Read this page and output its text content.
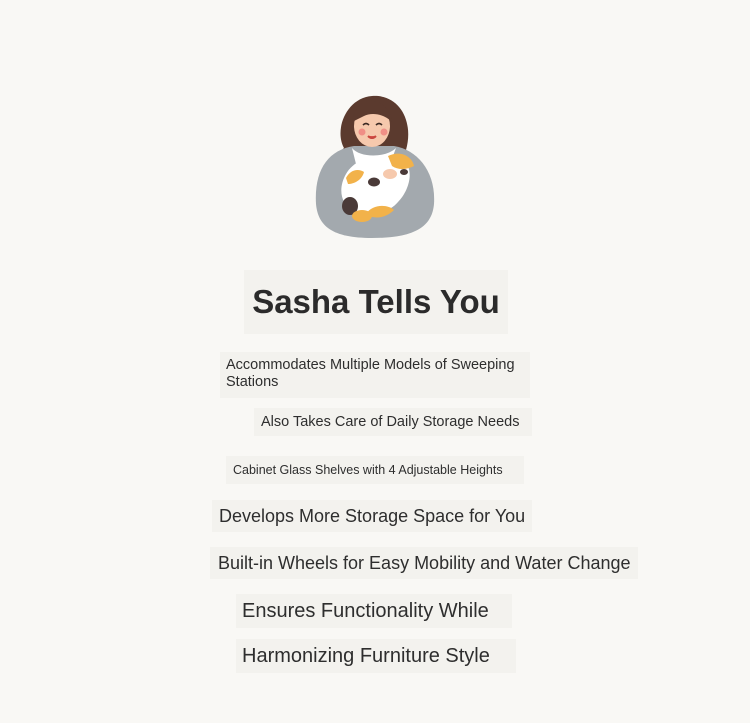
Sasha Tells You
Accommodates Multiple Models of Sweeping Stations
Also Takes Care of Daily Storage Needs
Cabinet Glass Shelves with 4 Adjustable Heights
Develops More Storage Space for You
Built-in Wheels for Easy Mobility and Water Change
Ensures Functionality While
Harmonizing Furniture Style
